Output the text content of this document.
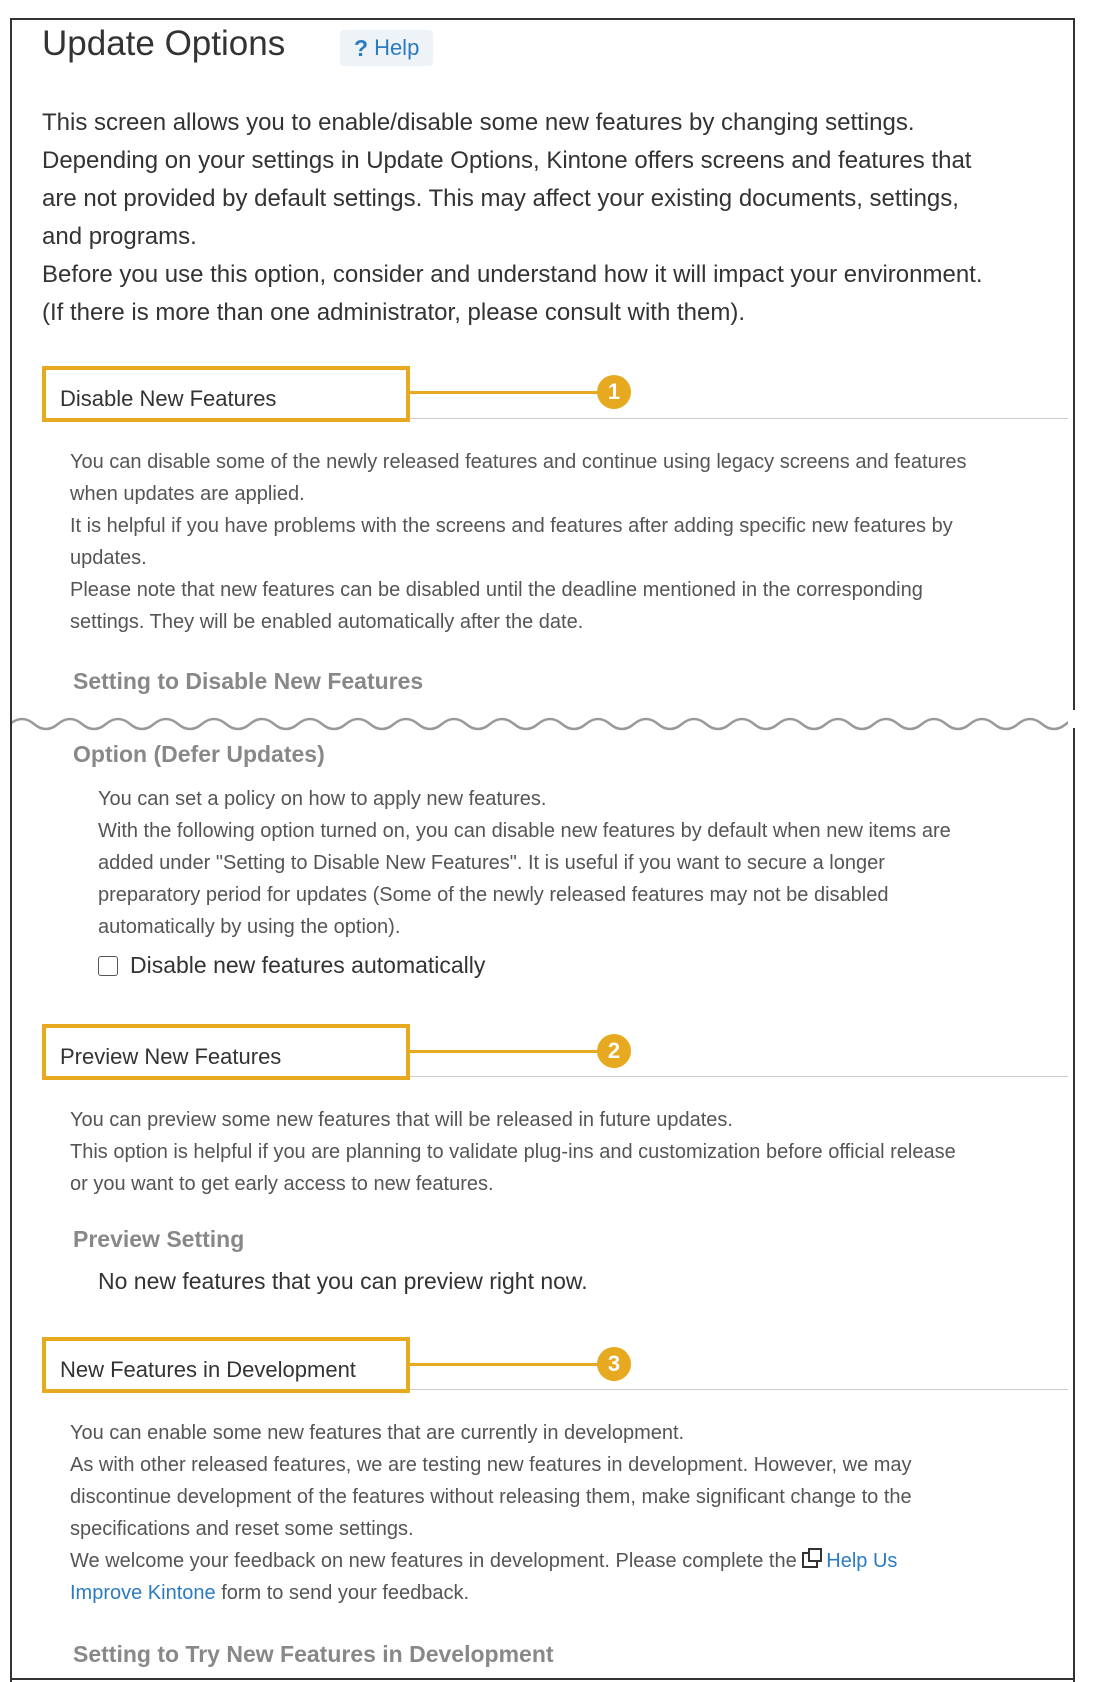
Update Options	? Help
This screen allows you to enable/disable some new features by changing settings.
Depending on your settings in Update Options, Kintone offers screens and features that
are not provided by default settings. This may affect your existing documents, settings,
and programs.
Before you use this option, consider and understand how it will impact your environment.
(If there is more than one administrator, please consult with them).
Disable New Features	1
You can disable some of the newly released features and continue using legacy screens and features
when updates are applied.
It is helpful if you have problems with the screens and features after adding specific new features by
updates.
Please note that new features can be disabled until the deadline mentioned in the corresponding
settings. They will be enabled automatically after the date.
Setting to Disable New Features
Option (Defer Updates)
You can set a policy on how to apply new features.
With the following option turned on, you can disable new features by default when new items are
added under "Setting to Disable New Features". It is useful if you want to secure a longer
preparatory period for updates (Some of the newly released features may not be disabled
automatically by using the option).
Disable new features automatically
Preview New Features	2
You can preview some new features that will be released in future updates.
This option is helpful if you are planning to validate plug-ins and customization before official release
or you want to get early access to new features.
Preview Setting
No new features that you can preview right now.
New Features in Development	3
You can enable some new features that are currently in development.
As with other released features, we are testing new features in development. However, we may
discontinue development of the features without releasing them, make significant change to the
specifications and reset some settings.
We welcome your feedback on new features in development. Please complete the Help Us
Improve Kintone form to send your feedback.
Setting to Try New Features in Development
